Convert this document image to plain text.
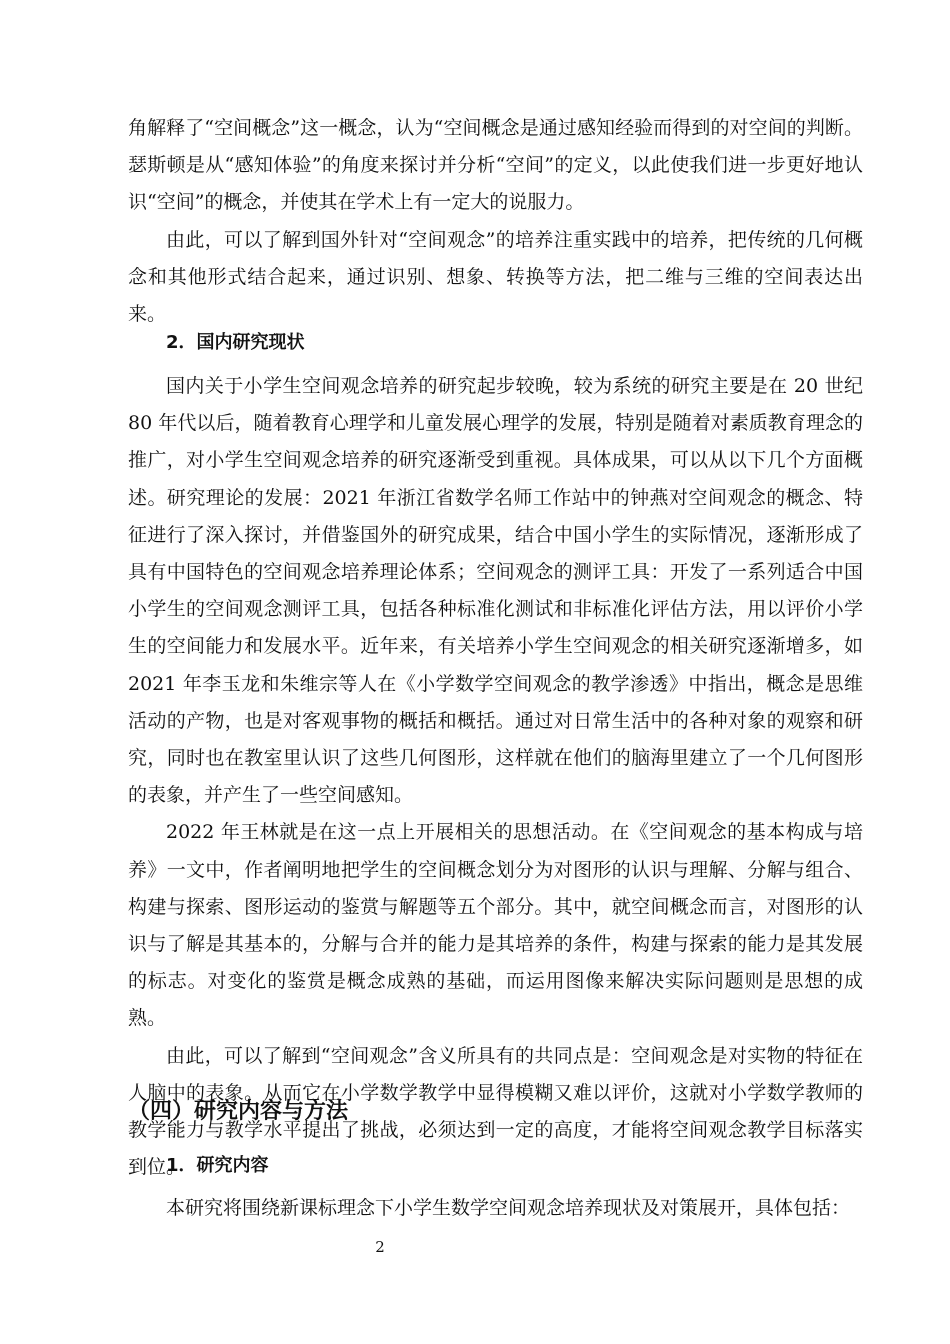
角解释了“空间概念”这一概念，认为“空间概念是通过感知经验而得到的对空间的判断。瑟斯顿是从“感知体验”的角度来探讨并分析“空间”的定义，以此使我们进一步更好地认识“空间”的概念，并使其在学术上有一定大的说服力。

由此，可以了解到国外针对“空间观念”的培养注重实践中的培养，把传统的几何概念和其他形式结合起来，通过识别、想象、转换等方法，把二维与三维的空间表达出来。

2．国内研究现状

国内关于小学生空间观念培养的研究起步较晚，较为系统的研究主要是在 20 世纪 80 年代以后，随着教育心理学和儿童发展心理学的发展，特别是随着对素质教育理念的推广，对小学生空间观念培养的研究逐渐受到重视。具体成果，可以从以下几个方面概述。研究理论的发展：2021 年浙江省数学名师工作站中的钟燕对空间观念的概念、特征进行了深入探讨，并借鉴国外的研究成果，结合中国小学生的实际情况，逐渐形成了具有中国特色的空间观念培养理论体系；空间观念的测评工具：开发了一系列适合中国小学生的空间观念测评工具，包括各种标准化测试和非标准化评估方法，用以评价小学生的空间能力和发展水平。近年来，有关培养小学生空间观念的相关研究逐渐增多，如 2021 年李玉龙和朱维宗等人在《小学数学空间观念的教学渗透》中指出，概念是思维活动的产物，也是对客观事物的概括和概括。通过对日常生活中的各种对象的观察和研究，同时也在教室里认识了这些几何图形，这样就在他们的脑海里建立了一个几何图形的表象，并产生了一些空间感知。

2022 年王林就是在这一点上开展相关的思想活动。在《空间观念的基本构成与培养》一文中，作者阐明地把学生的空间概念划分为对图形的认识与理解、分解与组合、构建与探索、图形运动的鉴赏与解题等五个部分。其中，就空间概念而言，对图形的认识与了解是其基本的，分解与合并的能力是其培养的条件，构建与探索的能力是其发展的标志。对变化的鉴赏是概念成熟的基础，而运用图像来解决实际问题则是思想的成熟。

由此，可以了解到“空间观念”含义所具有的共同点是：空间观念是对实物的特征在人脑中的表象。从而它在小学数学教学中显得模糊又难以评价，这就对小学数学教师的教学能力与教学水平提出了挑战，必须达到一定的高度，才能将空间观念教学目标落实到位。

（四）研究内容与方法
1．研究内容

本研究将围绕新课标理念下小学生数学空间观念培养现状及对策展开，具体包括：

2
